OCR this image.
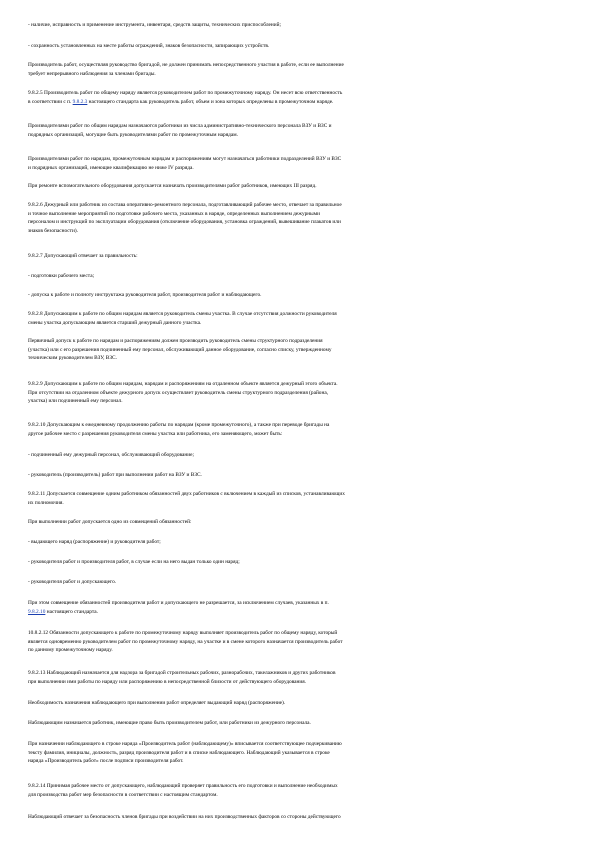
- наличие, исправность и применение инструмента, инвентаря, средств защиты, технических приспособлений;
- сохранность установленных на месте работы ограждений, знаков безопасности, запирающих устройств.
Производитель работ, осуществляя руководство бригадой, не должен принимать непосредственного участия в работе, если ее выполнение
требует непрерывного наблюдения за членами бригады.
9.8.2.5 Производитель работ по общему наряду является руководителем работ по промежуточному наряду. Он несет всю ответственность
в соответствии с п. 9.8.2.3 настоящего стандарта как руководитель работ, объем и зона которых определены в промежуточном наряде.
Производителями работ по общим нарядам назначаются работники из числа административно-технического персонала ВЗУ и ВЗС и
подрядных организаций, могущие быть руководителями работ по промежуточным нарядам.
Производителями работ по нарядам, промежуточным нарядам и распоряжениям могут назначаться работники подразделений ВЗУ и ВЗС
и подрядных организаций, имеющие квалификацию не ниже IV разряда.
При ремонте вспомогательного оборудования допускается назначать производителями работ работников, имеющих III разряд.
9.8.2.6 Дежурный или работник из состава оперативно-ремонтного персонала, подготавливающий рабочее место, отвечает за правильное
и точное выполнение мероприятий по подготовке рабочего места, указанных в наряде, определенных выполнением дежурными
персоналом и инструкций по эксплуатации оборудования (отключение оборудования, установка ограждений, вывешивание плакатов или
знаков безопасности).
9.8.2.7 Допускающий отвечает за правильность:
- подготовки рабочего места;
- допуска к работе и полноту инструктажа руководителя работ, производителя работ и наблюдающего.
9.8.2.8 Допускающим к работе по общим нарядам является руководитель смены участка. В случае отсутствия должности руководителя
смены участка допускающим является старший дежурный данного участка.
Первичный допуск к работе по нарядам и распоряжениям должен производить руководитель смены структурного подразделения
(участка) или с его разрешения подчиненный ему персонал, обслуживающий данное оборудование, согласно списку, утвержденному
техническим руководителем ВЗУ, ВЗС.
9.8.2.9 Допускающим к работе по общим нарядам, нарядам и распоряжениям на отдаленном объекте является дежурный этого объекта.
При отсутствии на отдаленном объекте дежурного допуск осуществляет руководитель смены структурного подразделения (района,
участка) или подчиненный ему персонал.
9.8.2.10 Допускающим к ежедневному продолжению работы по нарядам (кроме промежуточного), а также при переводе бригады на
другое рабочее место с разрешения руководителя смены участка или работника, его заменяющего, может быть:
- подчиненный ему дежурный персонал, обслуживающий оборудование;
- руководитель (производитель) работ при выполнении работ на ВЗУ и ВЗС.
9.8.2.11 Допускается совмещение одним работником обязанностей двух работников с включением в каждый из списков, устанавливающих
их полномочия.
При выполнении работ допускается одно из совмещений обязанностей:
- выдающего наряд (распоряжение) и руководителя работ;
- руководителя работ и производителя работ, в случае если на него выдан только один наряд;
- руководителя работ и допускающего.
При этом совмещение обязанностей производителя работ и допускающего не разрешается, за исключением случаев, указанных в п.
9.8.2.10 настоящего стандарта.
10.8.2.12 Обязанности допускающего к работе по промежуточному наряду выполняет производитель работ по общему наряду, который
является одновременно руководителем работ по промежуточному наряду, на участке и в смене которого назначается производитель работ
по данному промежуточному наряду.
9.8.2.13 Наблюдающий назначается для надзора за бригадой строительных рабочих, разнорабочих, такелажников и других работников
при выполнении ими работы по наряду или распоряжению в непосредственной близости от действующего оборудования.
Необходимость назначения наблюдающего при выполнении работ определяет выдающий наряд (распоряжение).
Наблюдающим назначается работник, имеющие право быть производителем работ, или работники из дежурного персонала.
При назначении наблюдающего в строке наряда «Производитель работ (наблюдающему)» вписывается соответствующее подчеркиванию
тексту фамилия, инициалы, должность, разряд производителя работ и в списке наблюдающего. Наблюдающий указывается в строке
наряда «Производитель работ» после подписи производителя работ.
9.8.2.14 Принимая рабочее место от допускающего, наблюдающий проверяет правильность его подготовки и выполнение необходимых
для производства работ мер безопасности в соответствии с настоящим стандартом.
Наблюдающий отвечает за безопасность членов бригады при воздействии на них производственных факторов со стороны действующего
